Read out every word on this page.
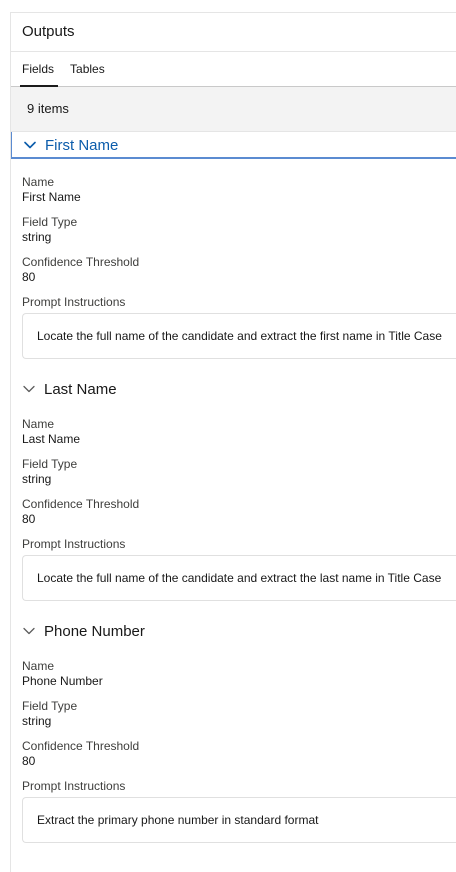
Outputs
Fields Tables
9 items
First Name
Name
First Name
Field Type
string
Confidence Threshold
80
Prompt Instructions
Locate the full name of the candidate and extract the first name in Title Case
Last Name
Name
Last Name
Field Type
string
Confidence Threshold
80
Prompt Instructions
Locate the full name of the candidate and extract the last name in Title Case
Phone Number
Name
Phone Number
Field Type
string
Confidence Threshold
80
Prompt Instructions
Extract the primary phone number in standard format
